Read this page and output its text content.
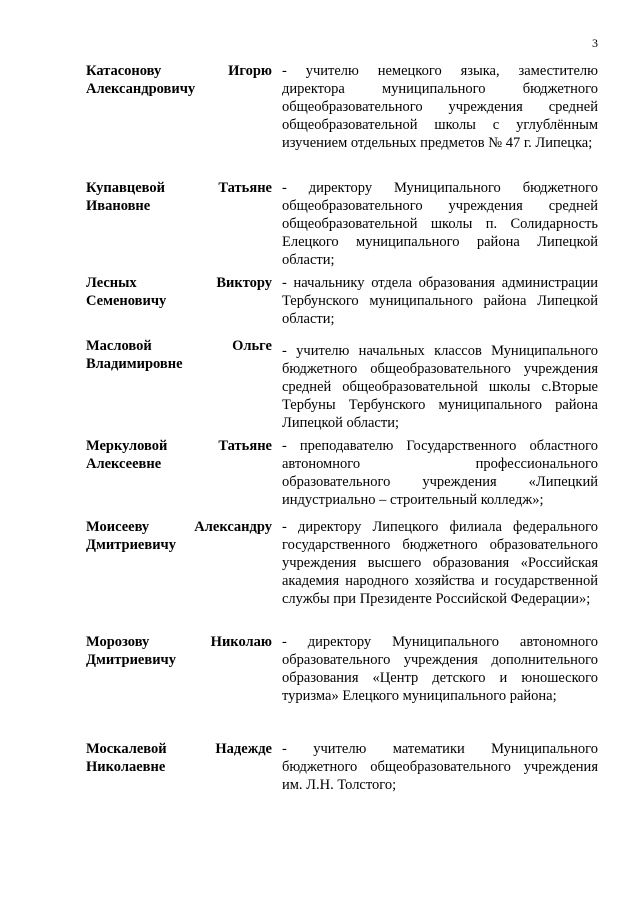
3
Катасонову	Игорю
Александровичу
- учителю немецкого языка, заместителю директора муниципального бюджетного общеобразовательного учреждения средней общеобразовательной школы с углублённым изучением отдельных предметов № 47 г. Липецка;
Купавцевой	Татьяне
Ивановне
- директору Муниципального бюджетного общеобразовательного учреждения средней общеобразовательной школы п. Солидарность Елецкого муниципального района Липецкой области;
Лесных	Виктору
Семеновичу
- начальнику отдела образования администрации Тербунского муниципального района Липецкой области;
Масловой	Ольге
Владимировне
- учителю начальных классов Муниципального бюджетного общеобразовательного учреждения средней общеобразовательной школы с.Вторые Тербуны Тербунского муниципального района Липецкой области;
Меркуловой	Татьяне
Алексеевне
- преподавателю Государственного областного автономного профессионального образовательного учреждения «Липецкий индустриально – строительный колледж»;
Моисееву	Александру
Дмитриевичу
- директору Липецкого филиала федерального государственного бюджетного образовательного учреждения высшего образования «Российская академия народного хозяйства и государственной службы при Президенте Российской Федерации»;
Морозову	Николаю
Дмитриевичу
- директору Муниципального автономного образовательного учреждения дополнительного образования «Центр детского и юношеского туризма» Елецкого муниципального района;
Москалевой	Надежде
Николаевне
- учителю математики Муниципального бюджетного общеобразовательного учреждения им. Л.Н. Толстого;
